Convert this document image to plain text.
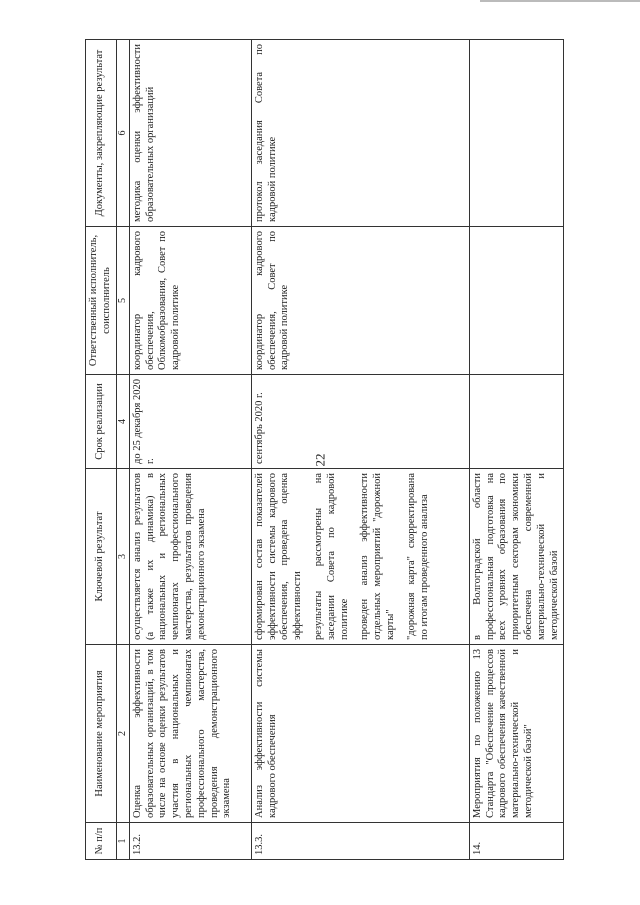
22
№ п/п	Наименование мероприятия	Ключевой результат	Срок реализации	Ответственный исполнитель, соисполнитель	Документы, закрепляющие результат
1	2	3	4	5	6
13.2.	Оценка эффективности образовательных организаций, в том числе на основе оценки результатов участия в национальных и региональных чемпионатах профессионального мастерства, проведения демонстрационного экзамена	осуществляется анализ результатов (а также их динамика) в национальных и региональных чемпионатах профессионального мастерства, результатов проведения демонстрационного экзамена	до 25 декабря 2020 г.	координатор кадрового обеспечения, Облкомобразования, Совет по кадровой политике	методика оценки эффективности образовательных организаций
13.3.	Анализ эффективности системы кадрового обеспечения	сформирован состав показателей эффективности системы кадрового обеспечения, проведена оценка эффективности результаты рассмотрены на заседании Совета по кадровой политике проведен анализ эффективности отдельных мероприятий "дорожной карты" "дорожная карта" скорректирована по итогам проведенного анализа	сентябрь 2020 г.	координатор кадрового обеспечения, Совет по кадровой политике	протокол заседания Совета по кадровой политике
14.	Мероприятия по положению 13 Стандарта "Обеспечение процессов кадрового обеспечения качественной материально-технической и методической базой"	в Волгоградской области профессиональная подготовка на всех уровнях образования по приоритетным секторам экономики обеспечена современной материально-технической и методической базой			
